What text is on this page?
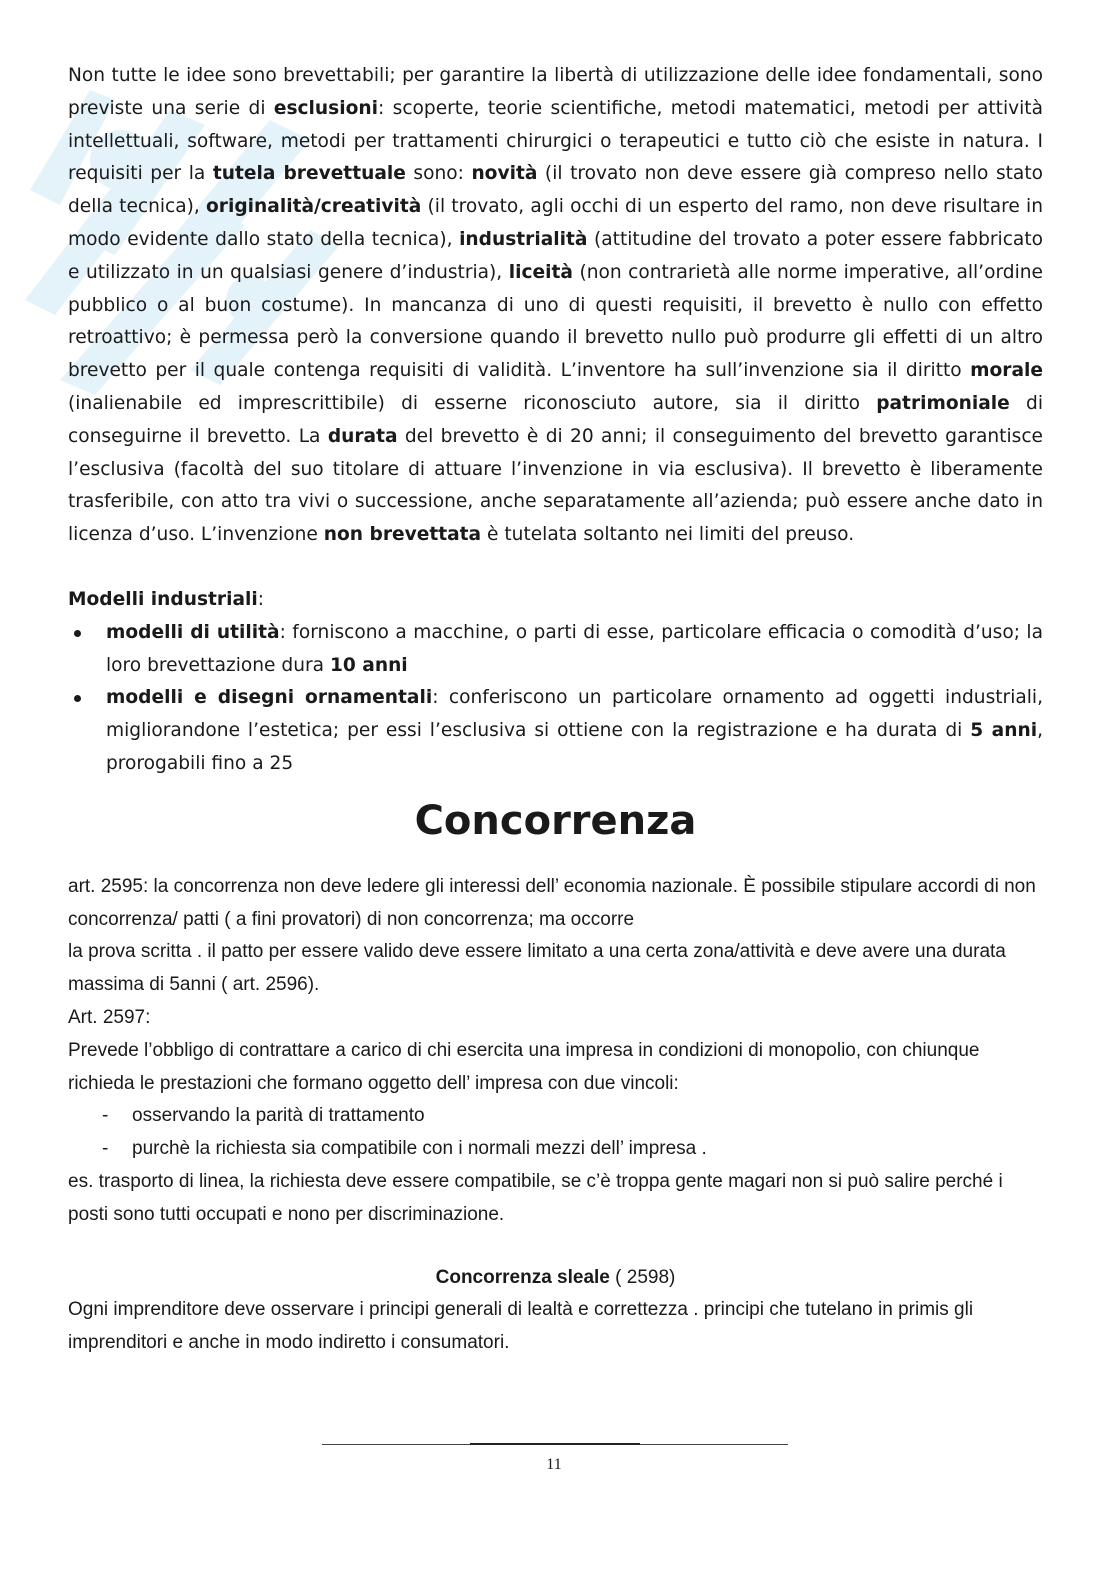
Non tutte le idee sono brevettabili; per garantire la libertà di utilizzazione delle idee fondamentali, sono previste una serie di esclusioni: scoperte, teorie scientifiche, metodi matematici, metodi per attività intellettuali, software, metodi per trattamenti chirurgici o terapeutici e tutto ciò che esiste in natura. I requisiti per la tutela brevettuale sono: novità (il trovato non deve essere già compreso nello stato della tecnica), originalità/creatività (il trovato, agli occhi di un esperto del ramo, non deve risultare in modo evidente dallo stato della tecnica), industrialità (attitudine del trovato a poter essere fabbricato e utilizzato in un qualsiasi genere d’industria), liceità (non contrarietà alle norme imperative, all’ordine pubblico o al buon costume). In mancanza di uno di questi requisiti, il brevetto è nullo con effetto retroattivo; è permessa però la conversione quando il brevetto nullo può produrre gli effetti di un altro brevetto per il quale contenga requisiti di validità. L’inventore ha sull’invenzione sia il diritto morale (inalienabile ed imprescrittibile) di esserne riconosciuto autore, sia il diritto patrimoniale di conseguirne il brevetto. La durata del brevetto è di 20 anni; il conseguimento del brevetto garantisce l’esclusiva (facoltà del suo titolare di attuare l’invenzione in via esclusiva). Il brevetto è liberamente trasferibile, con atto tra vivi o successione, anche separatamente all’azienda; può essere anche dato in licenza d’uso. L’invenzione non brevettata è tutelata soltanto nei limiti del preuso.

Modelli industriali:

modelli di utilità: forniscono a macchine, o parti di esse, particolare efficacia o comodità d’uso; la loro brevettazione dura 10 anni
modelli e disegni ornamentali: conferiscono un particolare ornamento ad oggetti industriali, migliorandone l’estetica; per essi l’esclusiva si ottiene con la registrazione e ha durata di 5 anni, prorogabili fino a 25

Concorrenza

art. 2595: la concorrenza non deve ledere gli interessi dell’ economia nazionale. È possibile stipulare accordi di non concorrenza/ patti ( a fini provatori) di non concorrenza; ma occorre

la prova scritta . il patto per essere valido deve essere limitato a una certa zona/attività e deve avere una durata massima di 5anni ( art. 2596).

Art. 2597:

Prevede l’obbligo di contrattare a carico di chi esercita una impresa in condizioni di monopolio, con chiunque richieda le prestazioni che formano oggetto dell’ impresa con due vincoli:

- osservando la parità di trattamento
- purchè la richiesta sia compatibile con i normali mezzi dell’ impresa .

es. trasporto di linea, la richiesta deve essere compatibile, se c’è troppa gente magari non si può salire perché i posti sono tutti occupati e nono per discriminazione.

Concorrenza sleale ( 2598)

Ogni imprenditore deve osservare i principi generali di lealtà e correttezza . principi che tutelano in primis gli imprenditori e anche in modo indiretto i consumatori.

11
